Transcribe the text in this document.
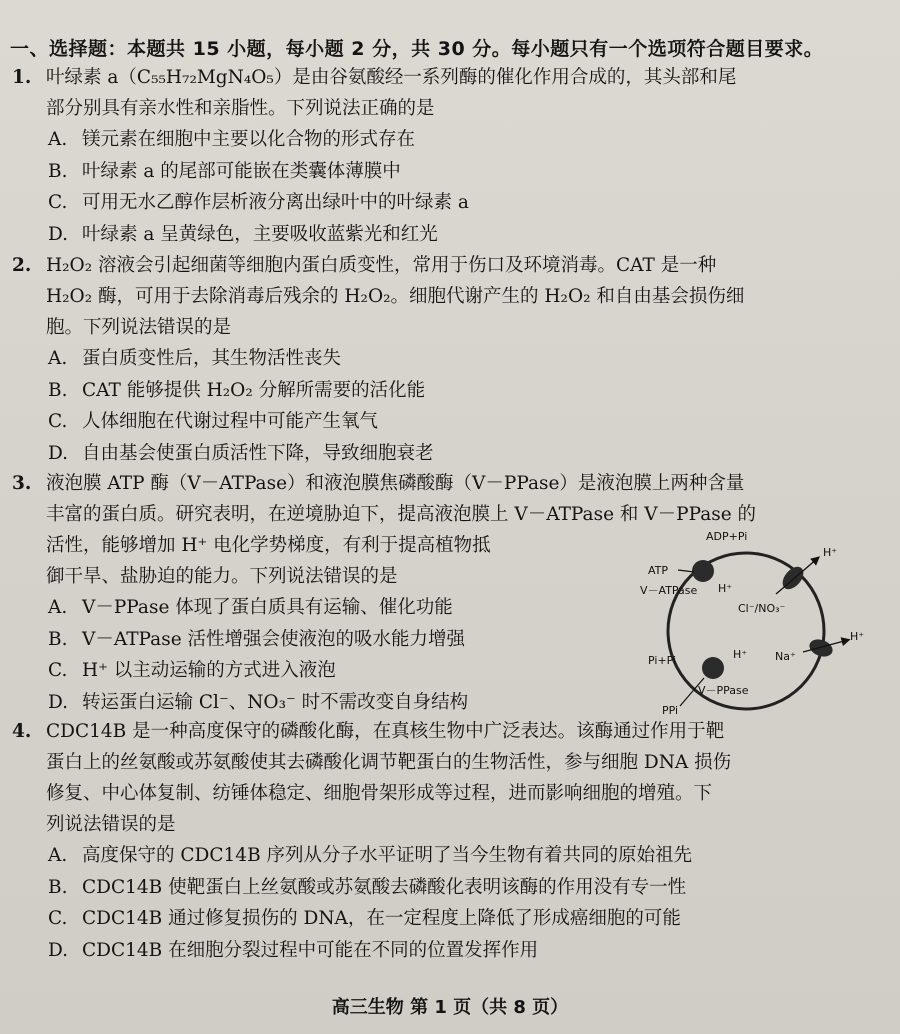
一、选择题：本题共 15 小题，每小题 2 分，共 30 分。每小题只有一个选项符合题目要求。
1. 叶绿素 a（C₅₅H₇₂MgN₄O₅）是由谷氨酸经一系列酶的催化作用合成的，其头部和尾
部分别具有亲水性和亲脂性。下列说法正确的是
A. 镁元素在细胞中主要以化合物的形式存在
B. 叶绿素 a 的尾部可能嵌在类囊体薄膜中
C. 可用无水乙醇作层析液分离出绿叶中的叶绿素 a
D. 叶绿素 a 呈黄绿色，主要吸收蓝紫光和红光
2. H₂O₂ 溶液会引起细菌等细胞内蛋白质变性，常用于伤口及环境消毒。CAT 是一种
H₂O₂ 酶，可用于去除消毒后残余的 H₂O₂。细胞代谢产生的 H₂O₂ 和自由基会损伤细
胞。下列说法错误的是
A. 蛋白质变性后，其生物活性丧失
B. CAT 能够提供 H₂O₂ 分解所需要的活化能
C. 人体细胞在代谢过程中可能产生氧气
D. 自由基会使蛋白质活性下降，导致细胞衰老
3. 液泡膜 ATP 酶（V－ATPase）和液泡膜焦磷酸酶（V－PPase）是液泡膜上两种含量
丰富的蛋白质。研究表明，在逆境胁迫下，提高液泡膜上 V－ATPase 和 V－PPase 的
活性，能够增加 H⁺ 电化学势梯度，有利于提高植物抵
御干旱、盐胁迫的能力。下列说法错误的是
A. V－PPase 体现了蛋白质具有运输、催化功能
B. V－ATPase 活性增强会使液泡的吸水能力增强
C. H⁺ 以主动运输的方式进入液泡
D. 转运蛋白运输 Cl⁻、NO₃⁻ 时不需改变自身结构
ADP+Pi
ATP
V－ATPase H⁺
H⁺
Cl⁻/NO₃⁻
H⁺
Na⁺
Pi+Pi	H⁺
V－PPase
PPi
4. CDC14B 是一种高度保守的磷酸化酶，在真核生物中广泛表达。该酶通过作用于靶
蛋白上的丝氨酸或苏氨酸使其去磷酸化调节靶蛋白的生物活性，参与细胞 DNA 损伤
修复、中心体复制、纺锤体稳定、细胞骨架形成等过程，进而影响细胞的增殖。下
列说法错误的是
A. 高度保守的 CDC14B 序列从分子水平证明了当今生物有着共同的原始祖先
B. CDC14B 使靶蛋白上丝氨酸或苏氨酸去磷酸化表明该酶的作用没有专一性
C. CDC14B 通过修复损伤的 DNA，在一定程度上降低了形成癌细胞的可能
D. CDC14B 在细胞分裂过程中可能在不同的位置发挥作用
高三生物 第 1 页（共 8 页）
